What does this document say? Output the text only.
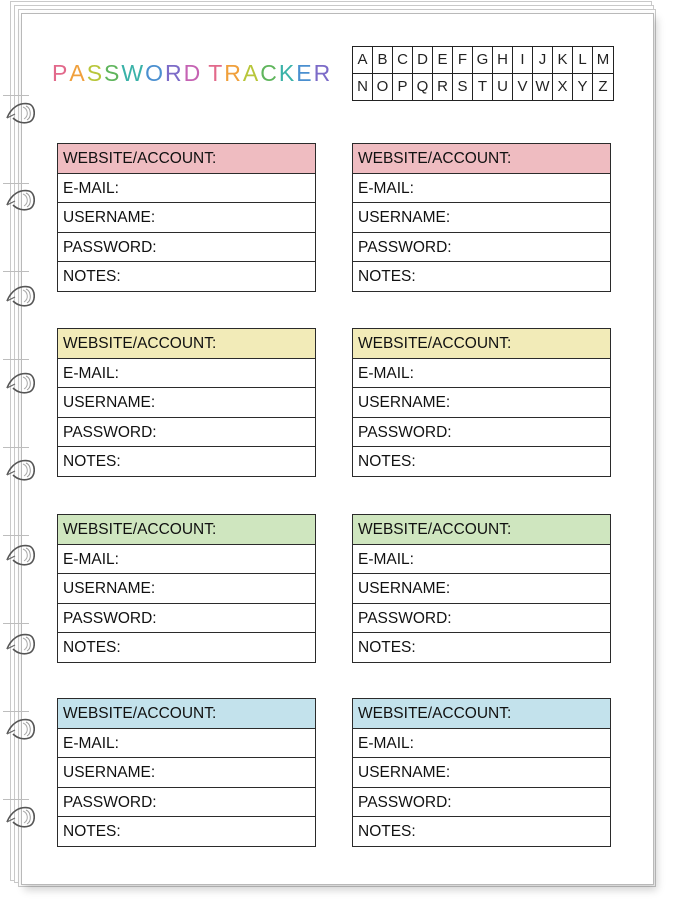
PASSWORD TRACKER
A B C D E F G H I J K L M
N O P Q R S T U V W X Y Z
WEBSITE/ACCOUNT:
E-MAIL:
USERNAME:
PASSWORD:
NOTES:
WEBSITE/ACCOUNT:
E-MAIL:
USERNAME:
PASSWORD:
NOTES:
WEBSITE/ACCOUNT:
E-MAIL:
USERNAME:
PASSWORD:
NOTES:
WEBSITE/ACCOUNT:
E-MAIL:
USERNAME:
PASSWORD:
NOTES:
WEBSITE/ACCOUNT:
E-MAIL:
USERNAME:
PASSWORD:
NOTES:
WEBSITE/ACCOUNT:
E-MAIL:
USERNAME:
PASSWORD:
NOTES:
WEBSITE/ACCOUNT:
E-MAIL:
USERNAME:
PASSWORD:
NOTES:
WEBSITE/ACCOUNT:
E-MAIL:
USERNAME:
PASSWORD:
NOTES:
